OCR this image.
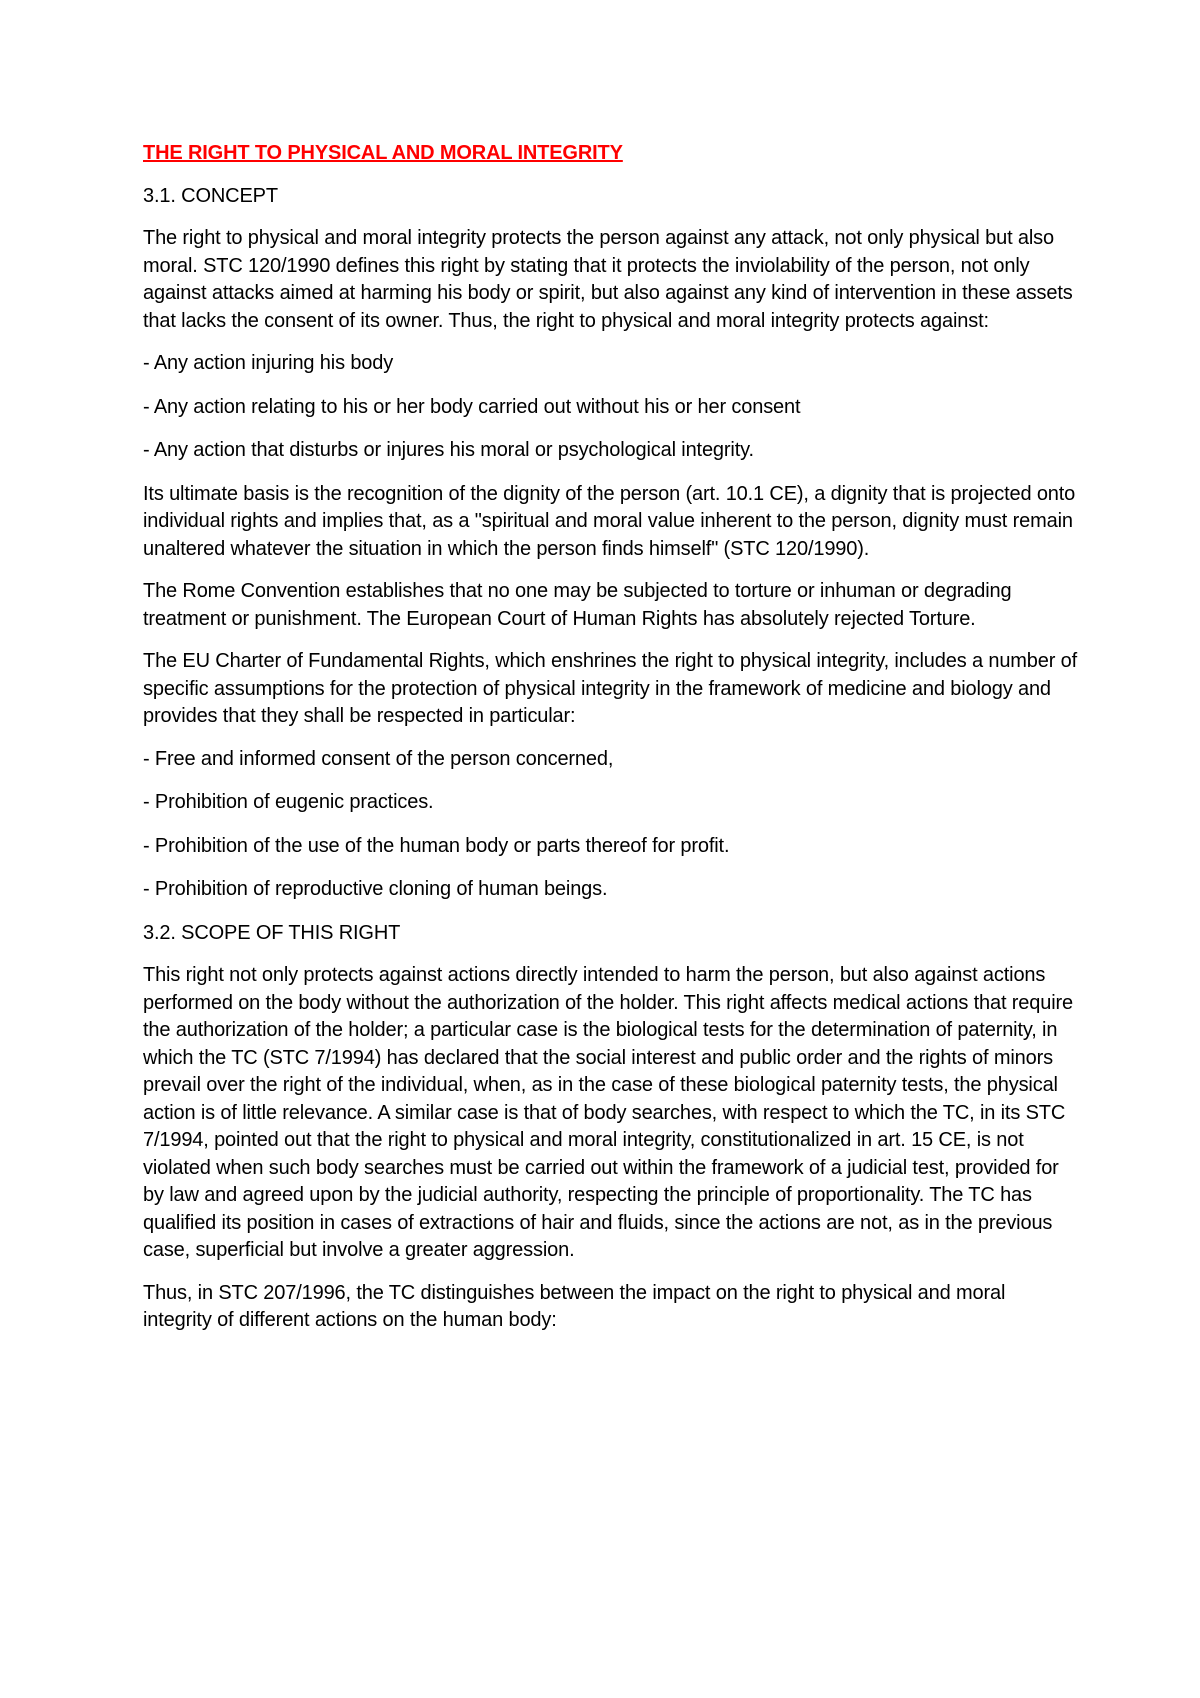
THE RIGHT TO PHYSICAL AND MORAL INTEGRITY
3.1. CONCEPT

The right to physical and moral integrity protects the person against any attack, not only physical but also moral. STC 120/1990 defines this right by stating that it protects the inviolability of the person, not only against attacks aimed at harming his body or spirit, but also against any kind of intervention in these assets that lacks the consent of its owner. Thus, the right to physical and moral integrity protects against:

- Any action injuring his body

- Any action relating to his or her body carried out without his or her consent

- Any action that disturbs or injures his moral or psychological integrity.

Its ultimate basis is the recognition of the dignity of the person (art. 10.1 CE), a dignity that is projected onto individual rights and implies that, as a "spiritual and moral value inherent to the person, dignity must remain unaltered whatever the situation in which the person finds himself" (STC 120/1990).

The Rome Convention establishes that no one may be subjected to torture or inhuman or degrading treatment or punishment. The European Court of Human Rights has absolutely rejected Torture.

The EU Charter of Fundamental Rights, which enshrines the right to physical integrity, includes a number of specific assumptions for the protection of physical integrity in the framework of medicine and biology and provides that they shall be respected in particular:

- Free and informed consent of the person concerned,

- Prohibition of eugenic practices.

- Prohibition of the use of the human body or parts thereof for profit.

- Prohibition of reproductive cloning of human beings.

3.2. SCOPE OF THIS RIGHT

This right not only protects against actions directly intended to harm the person, but also against actions performed on the body without the authorization of the holder. This right affects medical actions that require the authorization of the holder; a particular case is the biological tests for the determination of paternity, in which the TC (STC 7/1994) has declared that the social interest and public order and the rights of minors prevail over the right of the individual, when, as in the case of these biological paternity tests, the physical action is of little relevance. A similar case is that of body searches, with respect to which the TC, in its STC 7/1994, pointed out that the right to physical and moral integrity, constitutionalized in art. 15 CE, is not violated when such body searches must be carried out within the framework of a judicial test, provided for by law and agreed upon by the judicial authority, respecting the principle of proportionality. The TC has qualified its position in cases of extractions of hair and fluids, since the actions are not, as in the previous case, superficial but involve a greater aggression.

Thus, in STC 207/1996, the TC distinguishes between the impact on the right to physical and moral integrity of different actions on the human body:
